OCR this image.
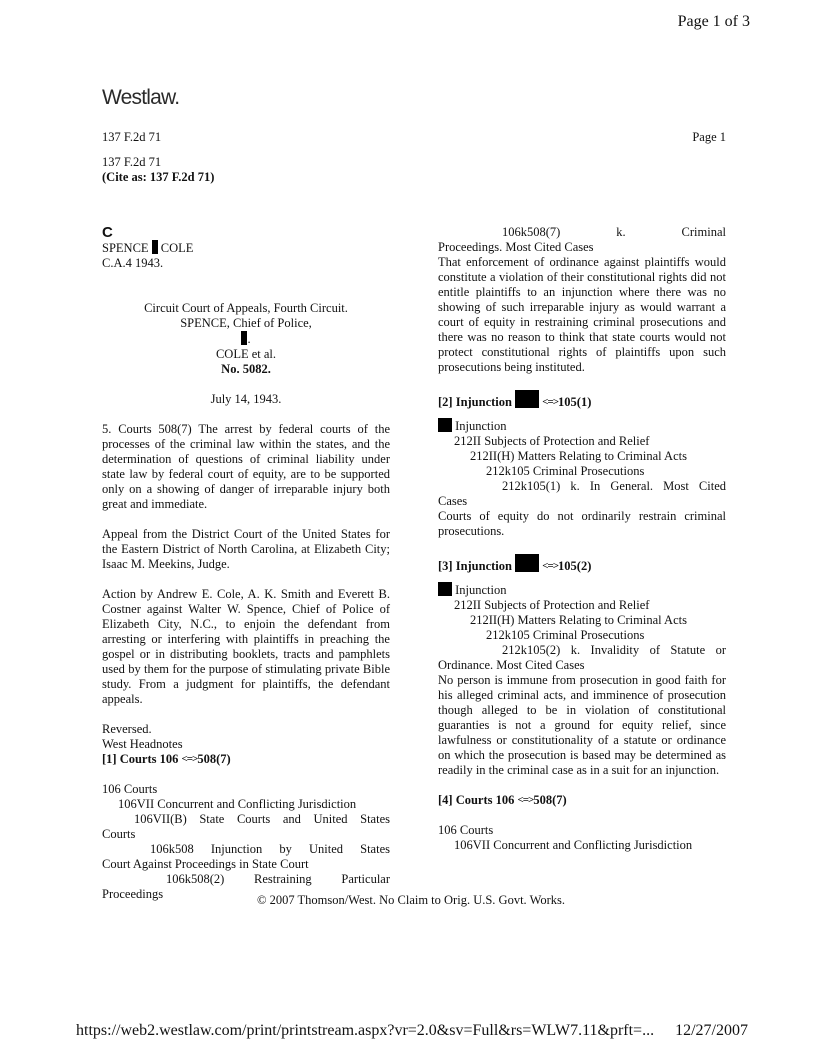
Page 1 of 3
Westlaw.
137 F.2d 71	Page 1
137 F.2d 71
(Cite as: 137 F.2d 71)
C
SPENCE COLE
C.A.4 1943.
Circuit Court of Appeals, Fourth Circuit.
SPENCE, Chief of Police,
.
COLE et al.
No. 5082.
July 14, 1943.
5. Courts 508(7) The arrest by federal courts of the processes of the criminal law within the states, and the determination of questions of criminal liability under state law by federal court of equity, are to be supported only on a showing of danger of irreparable injury both great and immediate.
Appeal from the District Court of the United States for the Eastern District of North Carolina, at Elizabeth City; Isaac M. Meekins, Judge.
Action by Andrew E. Cole, A. K. Smith and Everett B. Costner against Walter W. Spence, Chief of Police of Elizabeth City, N.C., to enjoin the defendant from arresting or interfering with plaintiffs in preaching the gospel or in distributing booklets, tracts and pamphlets used by them for the purpose of stimulating private Bible study. From a judgment for plaintiffs, the defendant appeals.
Reversed.
West Headnotes
[1] Courts 106 <=>508(7)
106 Courts
106VII Concurrent and Conflicting Jurisdiction
106VII(B) State Courts and United States
Courts
106k508 Injunction by United States
Court Against Proceedings in State Court
106k508(2) Restraining Particular
Proceedings
106k508(7) k. Criminal
Proceedings. Most Cited Cases
That enforcement of ordinance against plaintiffs would constitute a violation of their constitutional rights did not entitle plaintiffs to an injunction where there was no showing of such irreparable injury as would warrant a court of equity in restraining criminal prosecutions and there was no reason to think that state courts would not protect constitutional rights of plaintiffs upon such prosecutions being instituted.
[2] Injunction	<=>105(1)
Injunction
212II Subjects of Protection and Relief
212II(H) Matters Relating to Criminal Acts
212k105 Criminal Prosecutions
212k105(1) k. In General. Most Cited
Cases
Courts of equity do not ordinarily restrain criminal prosecutions.
[3] Injunction	<=>105(2)
Injunction
212II Subjects of Protection and Relief
212II(H) Matters Relating to Criminal Acts
212k105 Criminal Prosecutions
212k105(2) k. Invalidity of Statute or
Ordinance. Most Cited Cases
No person is immune from prosecution in good faith for his alleged criminal acts, and imminence of prosecution though alleged to be in violation of constitutional guaranties is not a ground for equity relief, since lawfulness or constitutionality of a statute or ordinance on which the prosecution is based may be determined as readily in the criminal case as in a suit for an injunction.
[4] Courts 106 <=>508(7)
106 Courts
106VII Concurrent and Conflicting Jurisdiction
© 2007 Thomson/West. No Claim to Orig. U.S. Govt. Works.
https://web2.westlaw.com/print/printstream.aspx?vr=2.0&sv=Full&rs=WLW7.11&prft=... 12/27/2007
